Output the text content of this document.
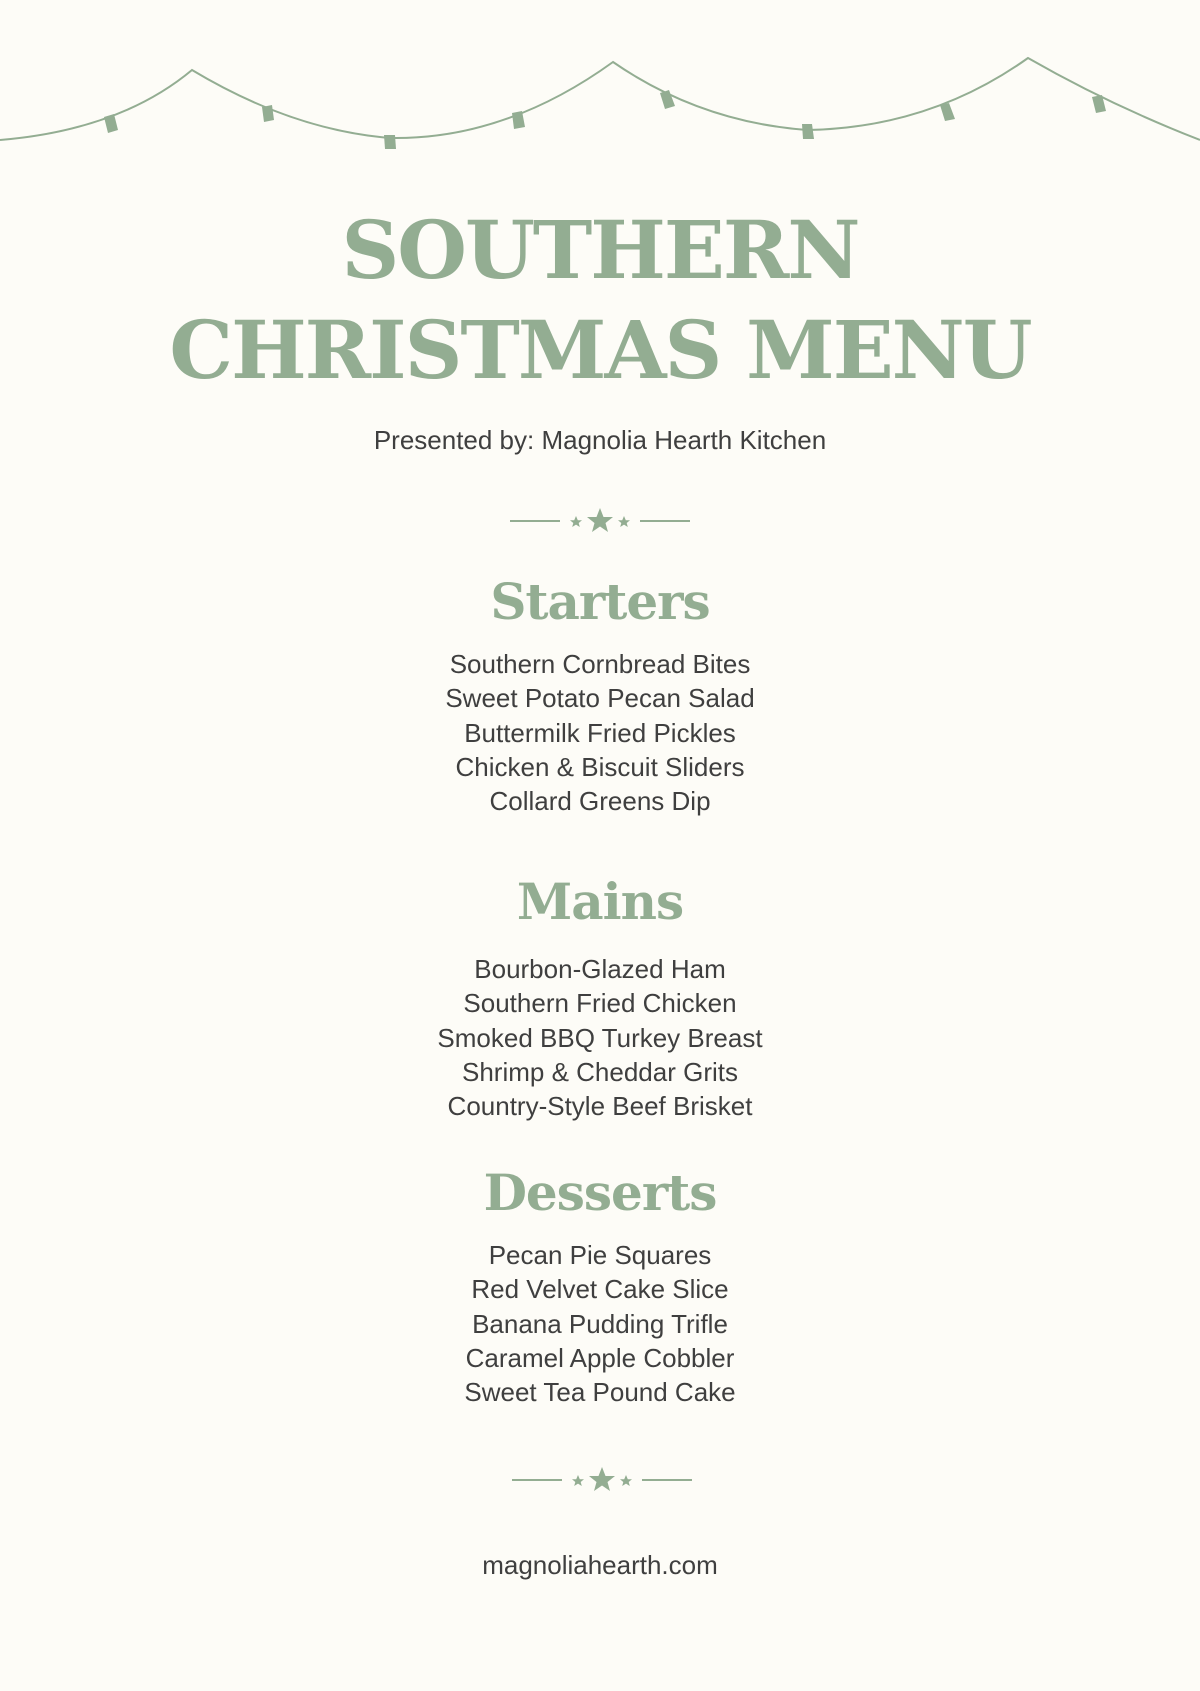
SOUTHERN
CHRISTMAS MENU
Presented by: Magnolia Hearth Kitchen
Starters
Southern Cornbread Bites
Sweet Potato Pecan Salad
Buttermilk Fried Pickles
Chicken & Biscuit Sliders
Collard Greens Dip
Mains
Bourbon-Glazed Ham
Southern Fried Chicken
Smoked BBQ Turkey Breast
Shrimp & Cheddar Grits
Country-Style Beef Brisket
Desserts
Pecan Pie Squares
Red Velvet Cake Slice
Banana Pudding Trifle
Caramel Apple Cobbler
Sweet Tea Pound Cake
magnoliahearth.com
